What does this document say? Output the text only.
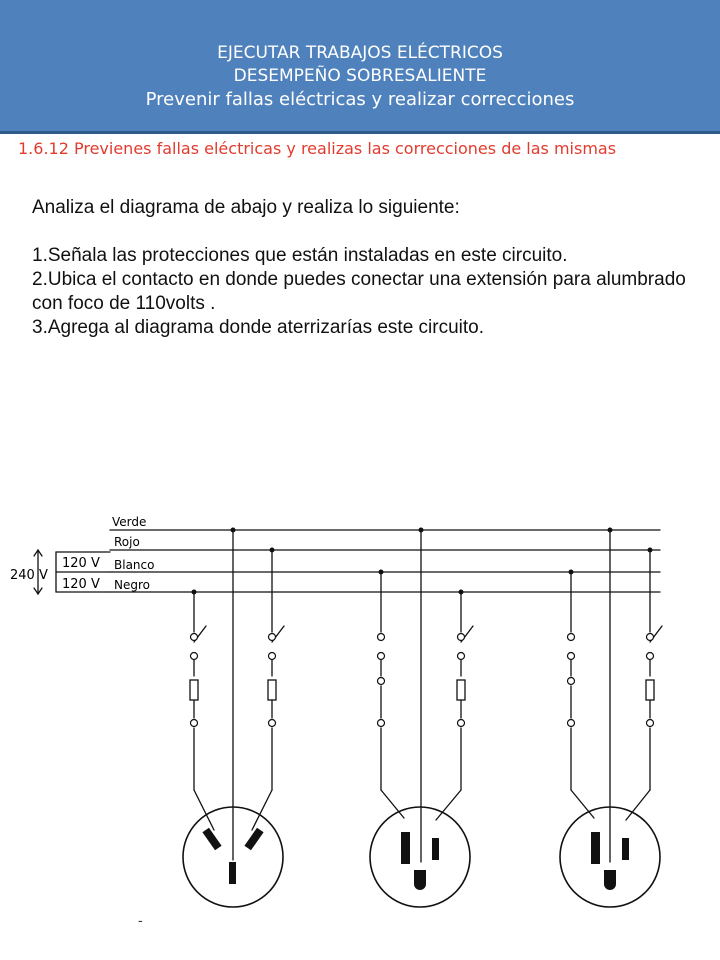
EJECUTAR TRABAJOS ELÉCTRICOS
DESEMPEÑO SOBRESALIENTE
Prevenir fallas eléctricas y realizar correcciones
1.6.12 Previenes fallas eléctricas y realizas las correcciones de las mismas

Analiza el diagrama de abajo y realiza lo siguiente:

1.Señala las protecciones que están instaladas en este circuito.

2.Ubica el contacto en donde puedes conectar una extensión para alumbrado con foco de 110volts .

3.Agrega al diagrama donde aterrizarías este circuito.

Verde
Rojo
Blanco
Negro
240 V
120 V
120 V
-
